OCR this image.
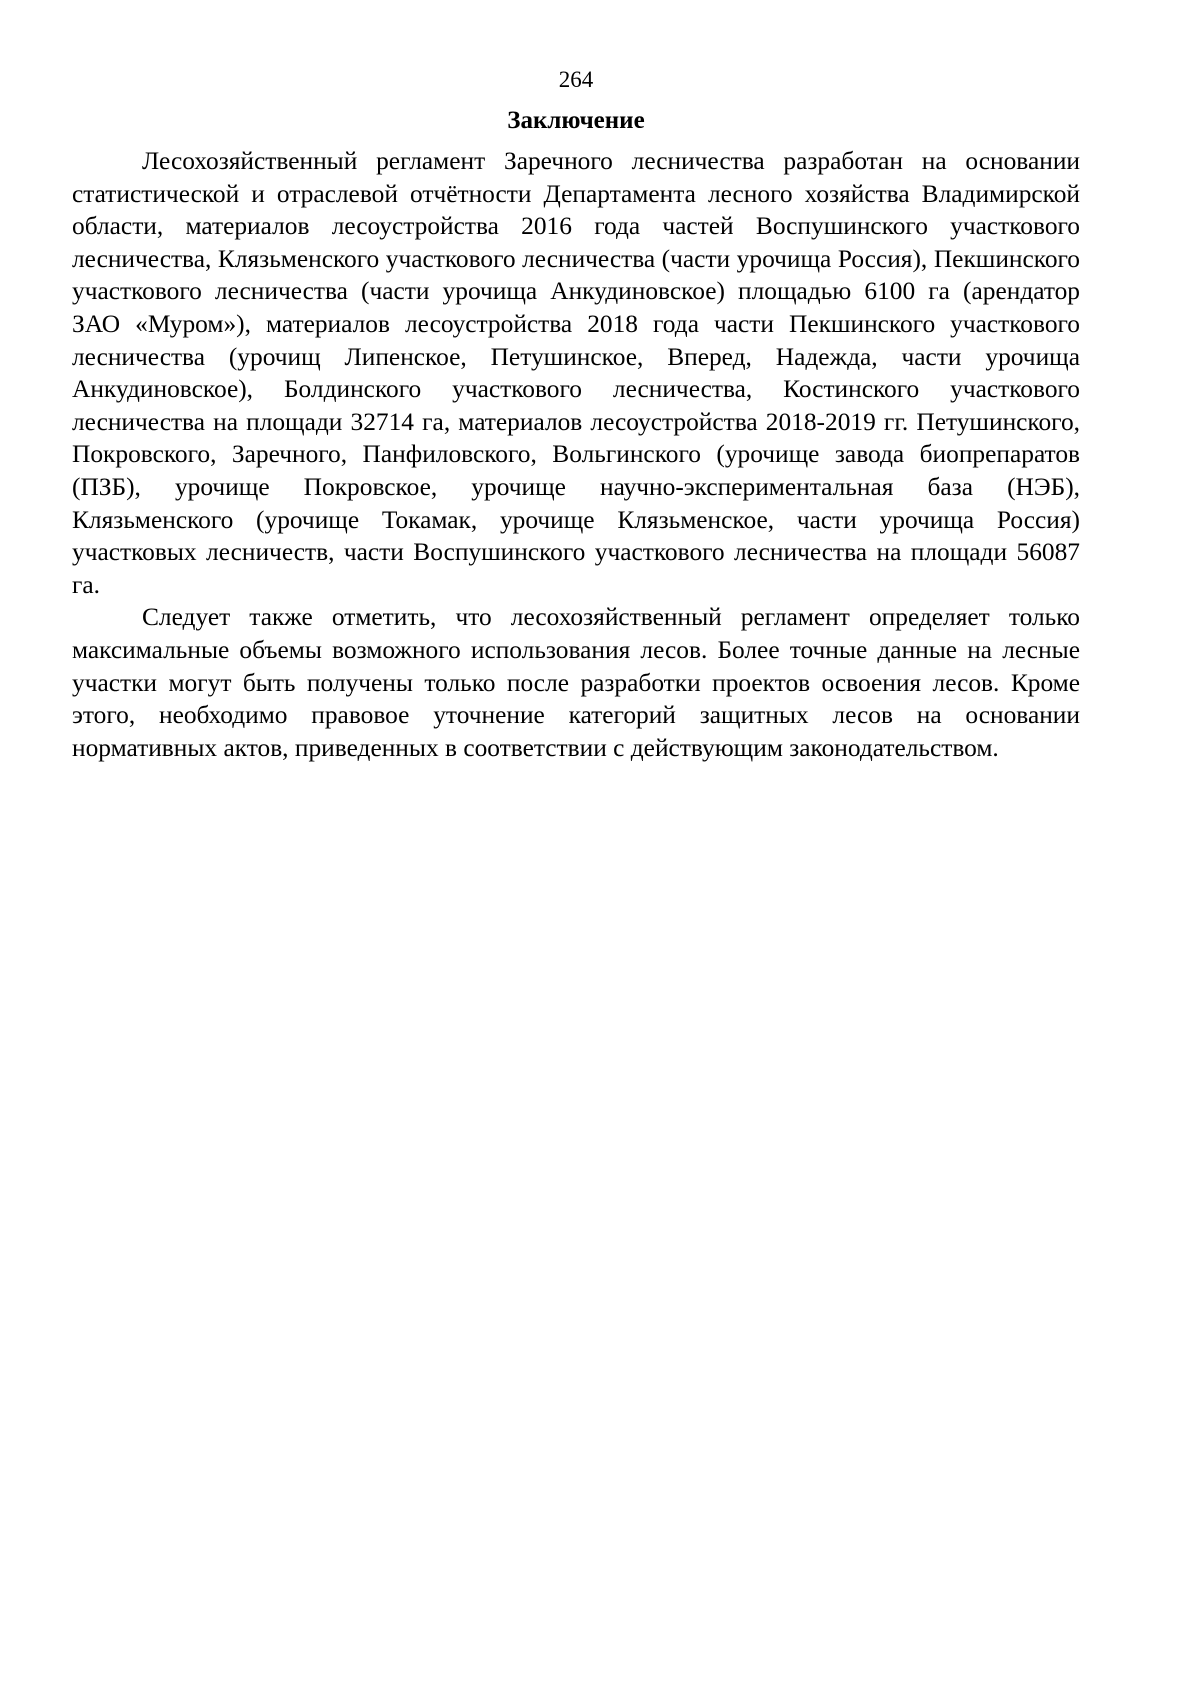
264
Заключение

Лесохозяйственный регламент Заречного лесничества разработан на основании статистической и отраслевой отчётности Департамента лесного хозяйства Владимирской области, материалов лесоустройства 2016 года частей Воспушинского участкового лесничества, Клязьменского участкового лесничества (части урочища Россия), Пекшинского участкового лесничества (части урочища Анкудиновское) площадью 6100 га (арендатор ЗАО «Муром»), материалов лесоустройства 2018 года части Пекшинского участкового лесничества (урочищ Липенское, Петушинское, Вперед, Надежда, части урочища Анкудиновское), Болдинского участкового лесничества, Костинского участкового лесничества на площади 32714 га, материалов лесоустройства 2018-2019 гг. Петушинского, Покровского, Заречного, Панфиловского, Вольгинского (урочище завода биопрепаратов (ПЗБ), урочище Покровское, урочище научно-экспериментальная база (НЭБ), Клязьменского (урочище Токамак, урочище Клязьменское, части урочища Россия) участковых лесничеств, части Воспушинского участкового лесничества на площади 56087 га.

Следует также отметить, что лесохозяйственный регламент определяет только максимальные объемы возможного использования лесов. Более точные данные на лесные участки могут быть получены только после разработки проектов освоения лесов. Кроме этого, необходимо правовое уточнение категорий защитных лесов на основании нормативных актов, приведенных в соответствии с действующим законодательством.
